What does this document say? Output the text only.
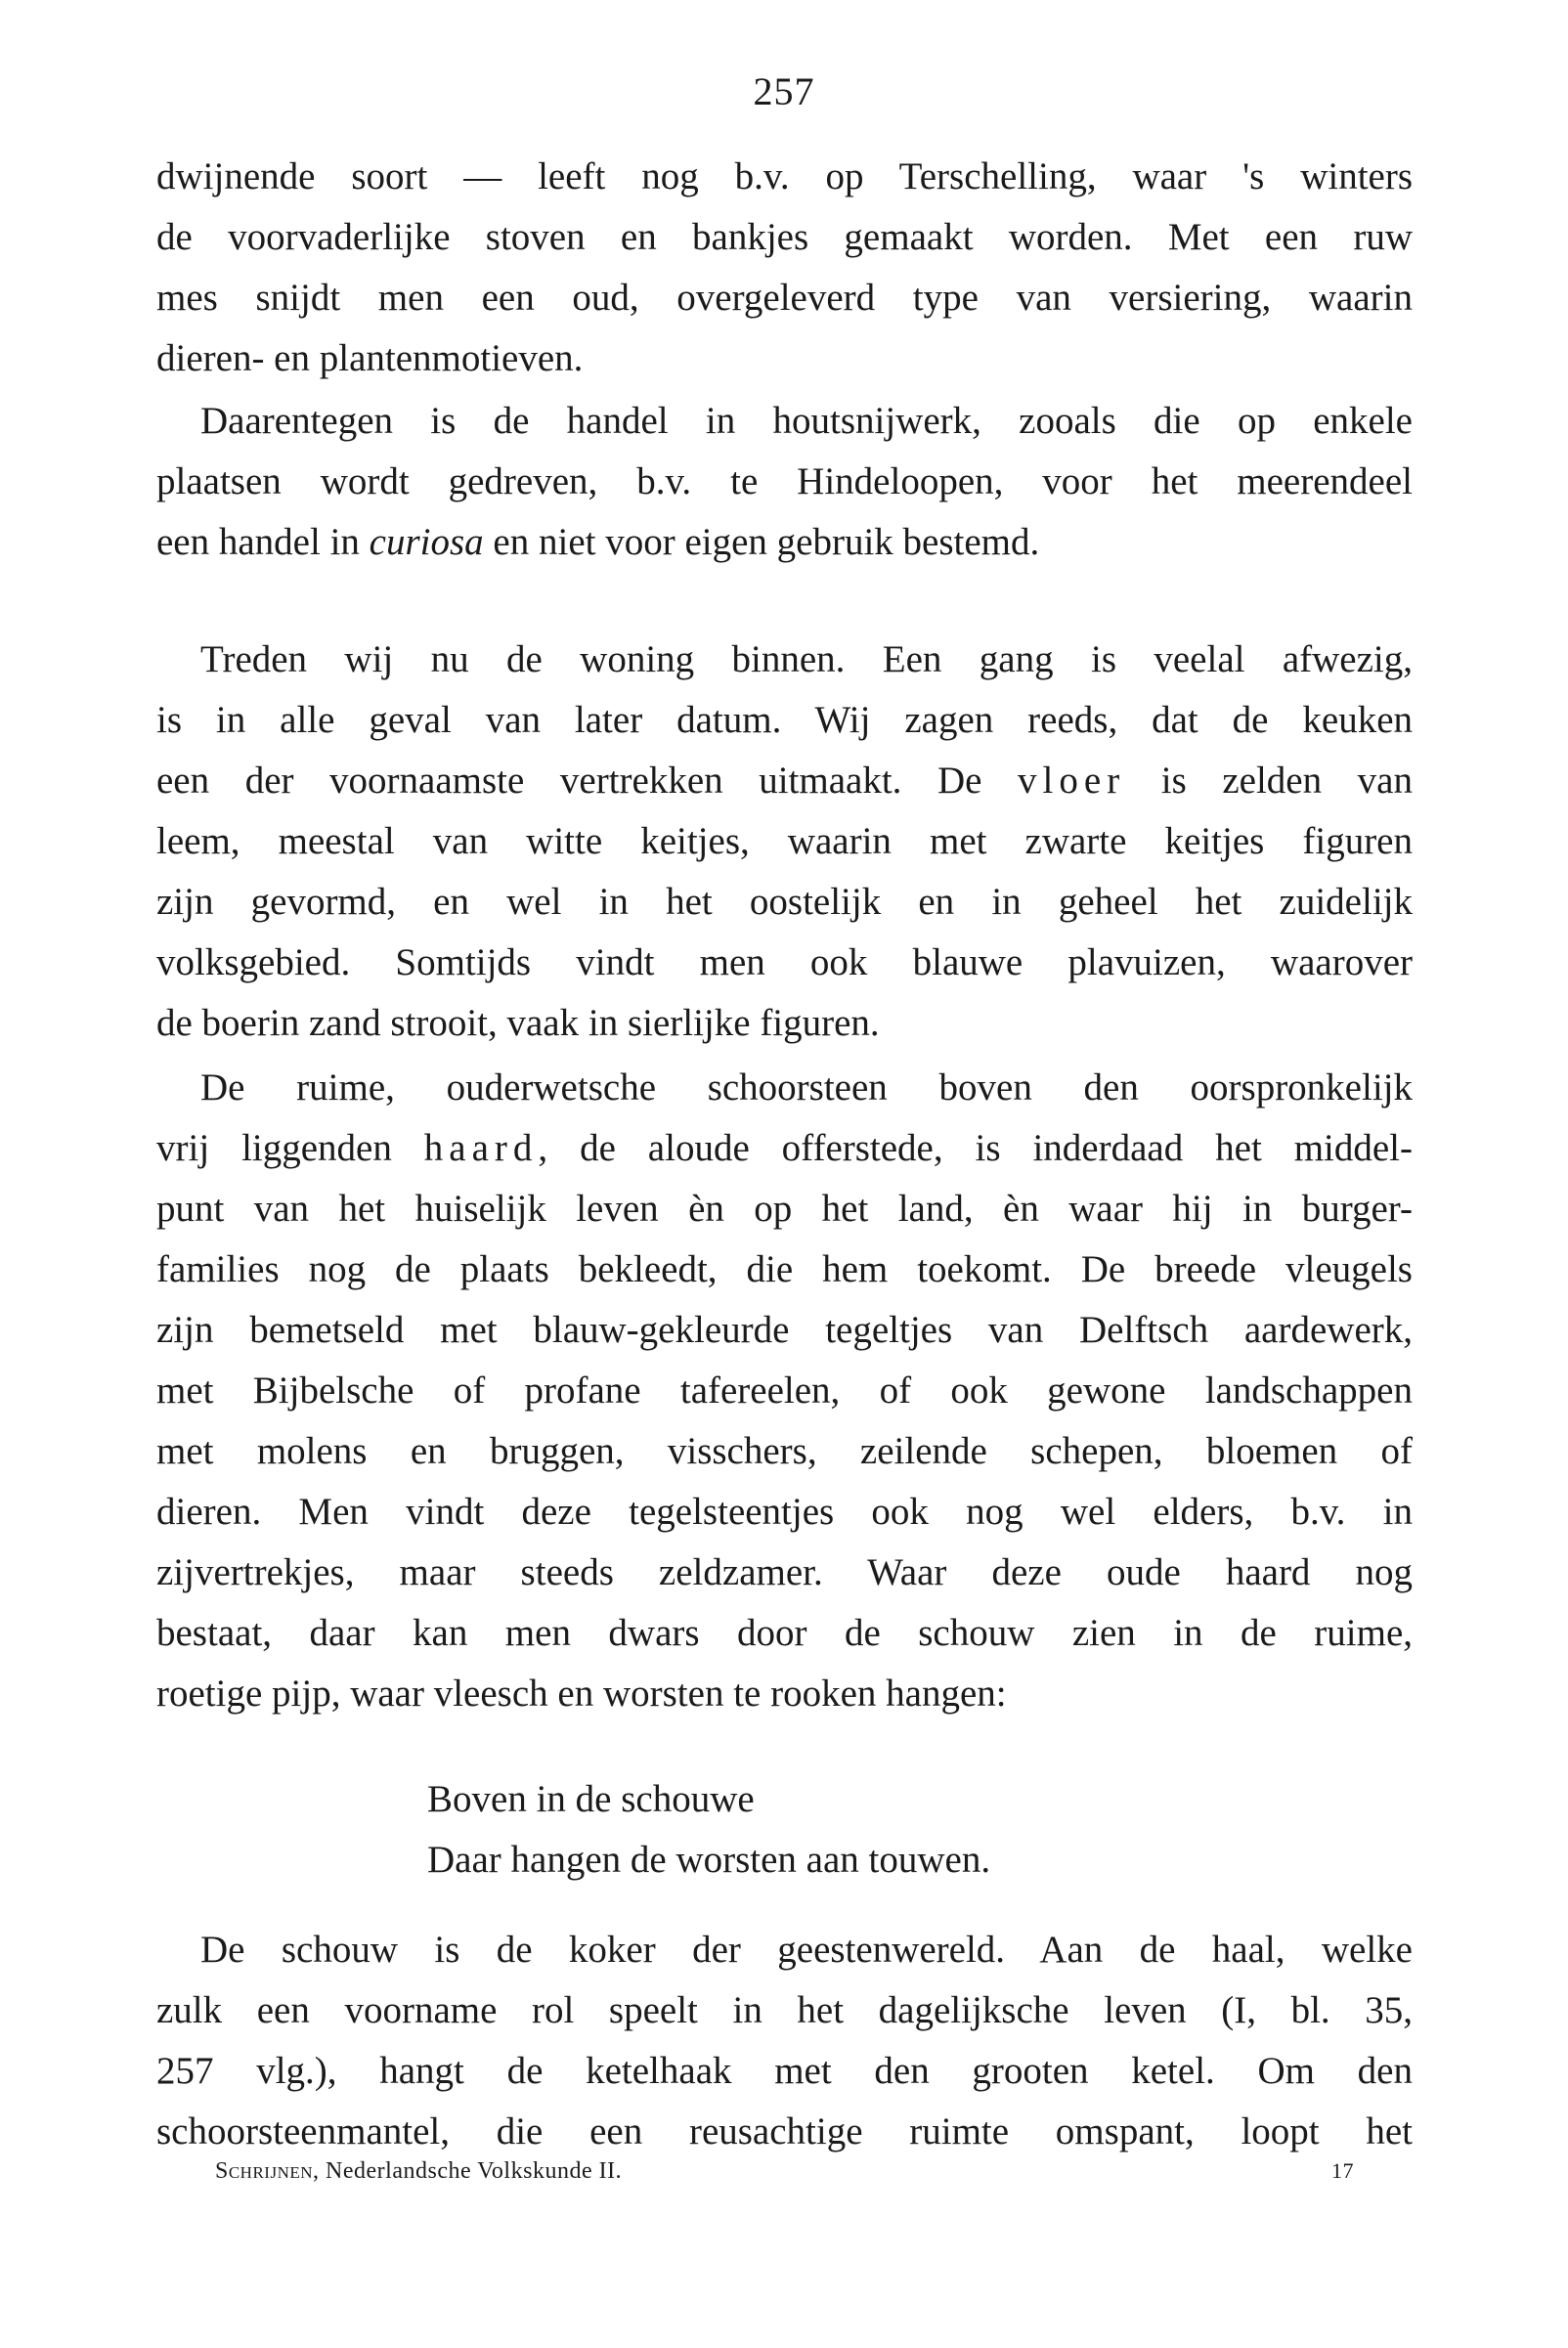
257
dwijnende soort — leeft nog b.v. op Terschelling, waar 's winters
de voorvaderlijke stoven en bankjes gemaakt worden. Met een ruw
mes snijdt men een oud, overgeleverd type van versiering, waarin
dieren- en plantenmotieven.
Daarentegen is de handel in houtsnijwerk, zooals die op enkele
plaatsen wordt gedreven, b.v. te Hindeloopen, voor het meerendeel
een handel in curiosa en niet voor eigen gebruik bestemd.
Treden wij nu de woning binnen. Een gang is veelal afwezig,
is in alle geval van later datum. Wij zagen reeds, dat de keuken
een der voornaamste vertrekken uitmaakt. De vloer is zelden van
leem, meestal van witte keitjes, waarin met zwarte keitjes figuren
zijn gevormd, en wel in het oostelijk en in geheel het zuidelijk
volksgebied. Somtijds vindt men ook blauwe plavuizen, waarover
de boerin zand strooit, vaak in sierlijke figuren.
De ruime, ouderwetsche schoorsteen boven den oorspronkelijk
vrij liggenden haard, de aloude offerstede, is inderdaad het middel-
punt van het huiselijk leven èn op het land, èn waar hij in burger-
families nog de plaats bekleedt, die hem toekomt. De breede vleugels
zijn bemetseld met blauw-gekleurde tegeltjes van Delftsch aardewerk,
met Bijbelsche of profane tafereelen, of ook gewone landschappen
met molens en bruggen, visschers, zeilende schepen, bloemen of
dieren. Men vindt deze tegelsteentjes ook nog wel elders, b.v. in
zijvertrekjes, maar steeds zeldzamer. Waar deze oude haard nog
bestaat, daar kan men dwars door de schouw zien in de ruime,
roetige pijp, waar vleesch en worsten te rooken hangen:
Boven in de schouwe
Daar hangen de worsten aan touwen.
De schouw is de koker der geestenwereld. Aan de haal, welke
zulk een voorname rol speelt in het dagelijksche leven (I, bl. 35,
257 vlg.), hangt de ketelhaak met den grooten ketel. Om den
schoorsteenmantel, die een reusachtige ruimte omspant, loopt het
Schrijnen, Nederlandsche Volkskunde II.	17
